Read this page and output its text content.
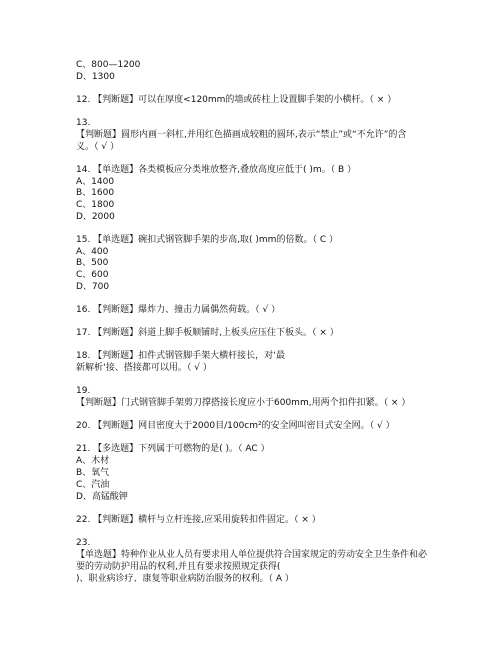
C、800—1200
D、1300
12. 【判断题】可以在厚度<120mm的墙或砖柱上设置脚手架的小横杆。（ × ）
13.
【判断题】圆形内画一斜杠,并用红色描画成较粗的圆环,表示“禁止”或“不允许”的含
义。（ √ ）
14. 【单选题】各类模板应分类堆放整齐,叠放高度应低于( )m。（ B ）
A、1400
B、1600
C、1800
D、2000
15. 【单选题】碗扣式钢管脚手架的步高,取( )mm的倍数。（ C ）
A、400
B、500
C、600
D、700
16. 【判断题】爆炸力、撞击力属偶然荷载。（ √ ）
17. 【判断题】斜道上脚手板顺铺时,上板头应压住下板头。（ × ）
18. 【判断题】扣件式钢管脚手架大横杆接长，对‘最
新解析‘接、搭接都可以用。（ √ ）
19.
【判断题】门式钢管脚手架剪刀撑搭接长度应小于600mm,用两个扣件扣紧。（ × ）
20. 【判断题】网目密度大于2000目/100cm²的安全网叫密目式安全网。（ √ ）
21. 【多选题】下列属于可燃物的是( )。（ AC ）
A、木材
B、氧气
C、汽油
D、高锰酸钾
22. 【判断题】横杆与立杆连接,应采用旋转扣件固定。（ × ）
23.
【单选题】特种作业从业人员有要求用人单位提供符合国家规定的劳动安全卫生条件和必
要的劳动防护用品的权利,并且有要求按照规定获得(
)、职业病诊疗、康复等职业病防治服务的权利。（ A ）
